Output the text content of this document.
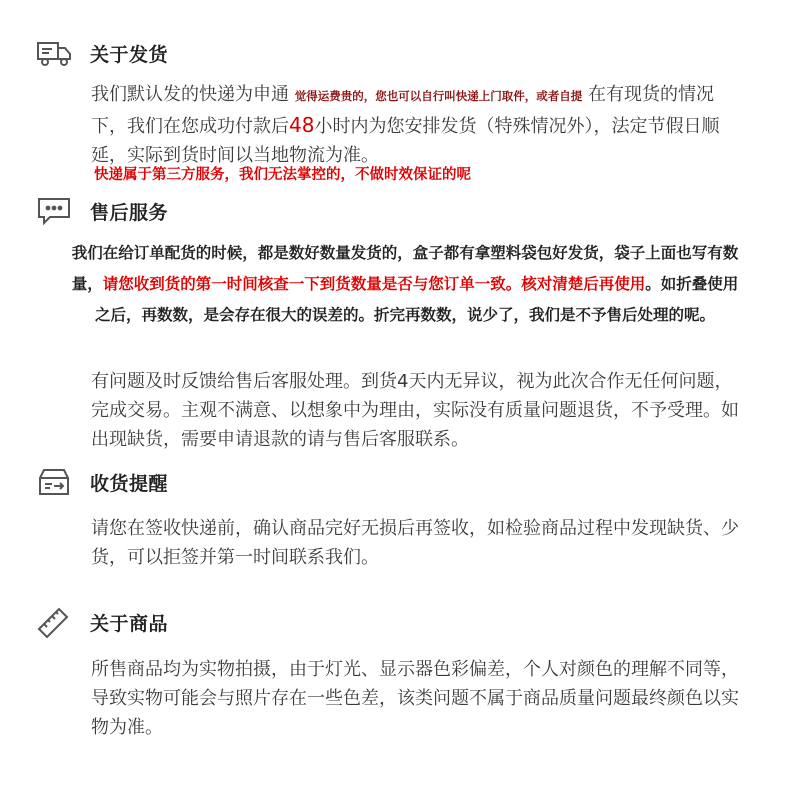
关于发货

我们默认发的快递为申通 觉得运费贵的，您也可以自行叫快递上门取件，或者自提 在有现货的情况下，我们在您成功付款后48小时内为您安排发货（特殊情况外），法定节假日顺延，实际到货时间以当地物流为准。

快递属于第三方服务，我们无法掌控的，不做时效保证的呢

售后服务

我们在给订单配货的时候，都是数好数量发货的，盒子都有拿塑料袋包好发货，袋子上面也写有数量，请您收到货的第一时间核查一下到货数量是否与您订单一致。核对清楚后再使用。如折叠使用之后，再数数，是会存在很大的误差的。折完再数数，说少了，我们是不予售后处理的呢。

有问题及时反馈给售后客服处理。到货4天内无异议，视为此次合作无任何问题，完成交易。主观不满意、以想象中为理由，实际没有质量问题退货，不予受理。如出现缺货，需要申请退款的请与售后客服联系。

收货提醒

请您在签收快递前，确认商品完好无损后再签收，如检验商品过程中发现缺货、少货，可以拒签并第一时间联系我们。

关于商品

所售商品均为实物拍摄，由于灯光、显示器色彩偏差，个人对颜色的理解不同等，导致实物可能会与照片存在一些色差，该类问题不属于商品质量问题最终颜色以实物为准。
